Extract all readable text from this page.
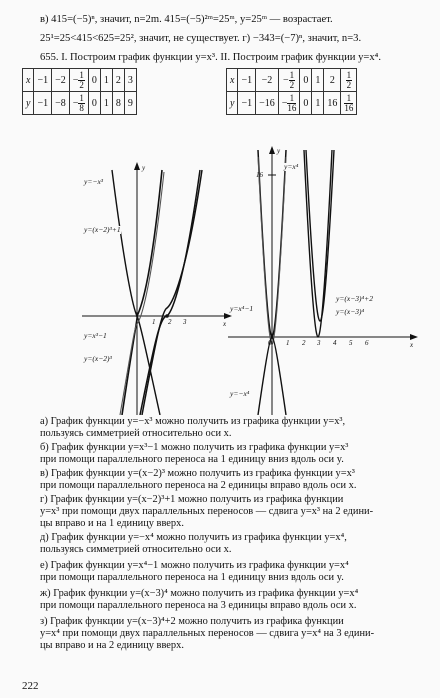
в) 415=(−5)ⁿ, значит, n=2m. 415=(−5)²ᵐ=25ᵐ, y=25ᵐ — возрастает.
25¹=25<415<625=25², значит, не существует. г) −343=(−7)ⁿ, значит, n=3.
655. I. Построим график функции y=x³. II. Построим график функции y=x⁴.
x	−1	−2	− $\frac{1}{2}$	0	1	2	3
y	−1	−8	− $\frac{1}{8}$	0	1	8	9
x	−1	−2	− $\frac{1}{2}$	0	1	2	$\frac{1}{2}$

y	−1	−16	− $\frac{1}{16}$	0	1	16	$\frac{1}{16}$
y=−x³
y=(x−2)³+1
y=x³−1
y=(x−2)³
y
x
1 2 3
y=x⁴
y=(x−3)⁴+2
y=(x−3)⁴
y=x⁴−1
y=−x⁴
y
16
x
0 1 2 3 4 5 6
а) График функции y=−x³ можно получить из графика функции y=x³,
пользуясь симметрией относительно оси x.
б) График функции y=x³−1 можно получить из графика функции y=x³
при помощи параллельного переноса на 1 единицу вниз вдоль оси y.
в) График функции y=(x−2)³ можно получить из графика функции y=x³
при помощи параллельного переноса на 2 единицы вправо вдоль оси x.
г) График функции y=(x−2)³+1 можно получить из графика функции
y=x³ при помощи двух параллельных переносов — сдвига y=x³ на 2 едини-
цы вправо и на 1 единицу вверх.
д) График функции y=−x⁴ можно получить из графика функции y=x⁴,
пользуясь симметрией относительно оси x.
е) График функции y=x⁴−1 можно получить из графика функции y=x⁴
при помощи параллельного переноса на 1 единицу вниз вдоль оси y.
ж) График функции y=(x−3)⁴ можно получить из графика функции y=x⁴
при помощи параллельного переноса на 3 единицы вправо вдоль оси x.
з) График функции y=(x−3)⁴+2 можно получить из графика функции
y=x⁴ при помощи двух параллельных переносов — сдвига y=x⁴ на 3 едини-
цы вправо и на 2 единицу вверх.
222
